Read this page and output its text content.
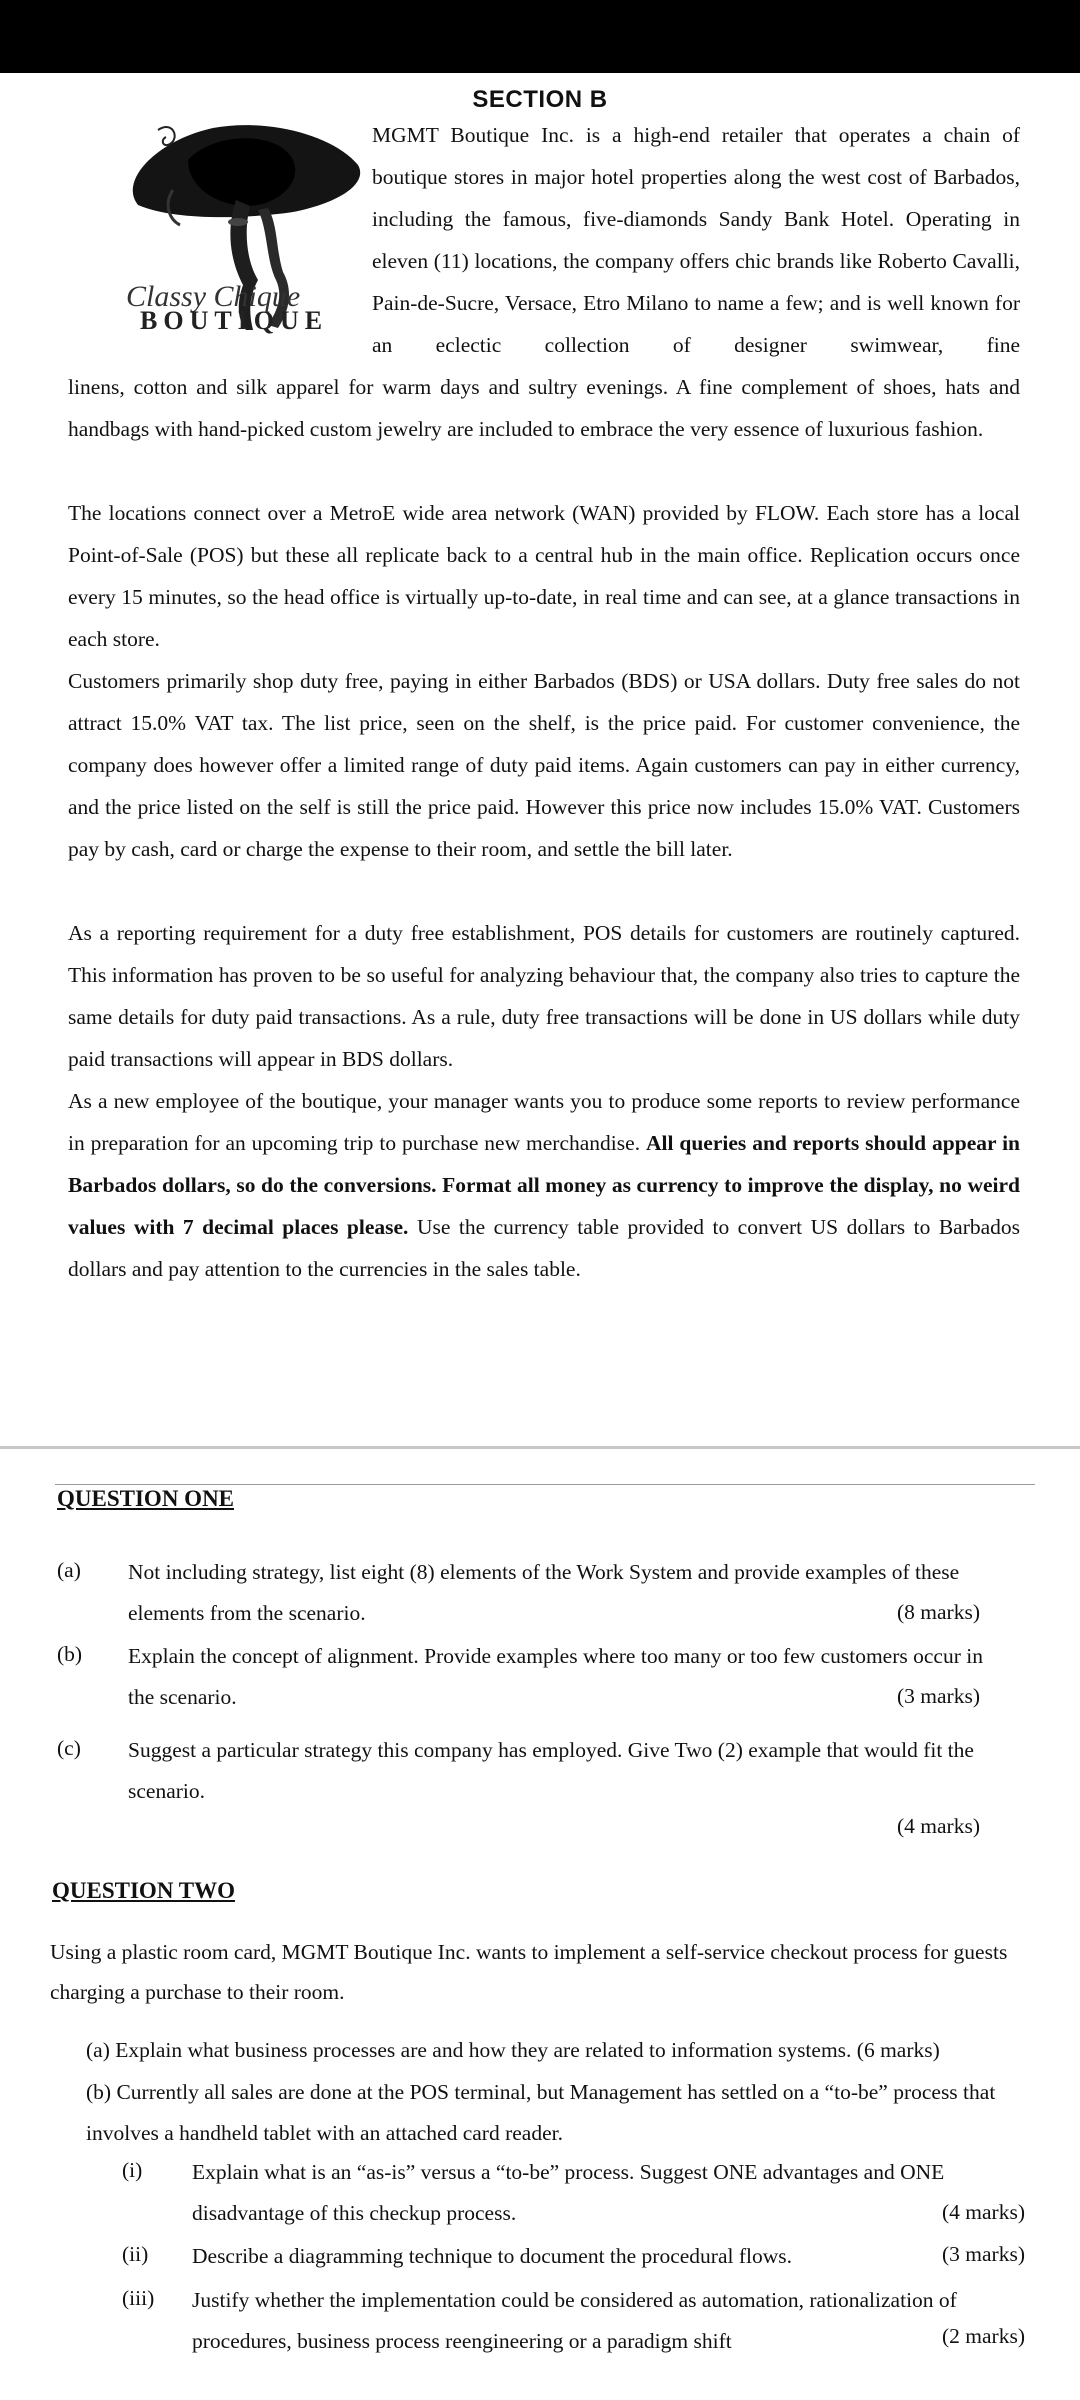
SECTION B
Classy Chique
BOUTIQUE

MGMT Boutique Inc. is a high-end retailer that operates a chain of boutique stores in major hotel properties along the west cost of Barbados, including the famous, five-diamonds Sandy Bank Hotel. Operating in eleven (11) locations, the company offers chic brands like Roberto Cavalli, Pain-de-Sucre, Versace, Etro Milano to name a few; and is well known for an eclectic collection of designer swimwear, fine

linens, cotton and silk apparel for warm days and sultry evenings. A fine complement of shoes, hats and handbags with hand-picked custom jewelry are included to embrace the very essence of luxurious fashion.

The locations connect over a MetroE wide area network (WAN) provided by FLOW. Each store has a local Point-of-Sale (POS) but these all replicate back to a central hub in the main office. Replication occurs once every 15 minutes, so the head office is virtually up-to-date, in real time and can see, at a glance transactions in each store.

Customers primarily shop duty free, paying in either Barbados (BDS) or USA dollars. Duty free sales do not attract 15.0% VAT tax. The list price, seen on the shelf, is the price paid. For customer convenience, the company does however offer a limited range of duty paid items. Again customers can pay in either currency, and the price listed on the self is still the price paid. However this price now includes 15.0% VAT. Customers pay by cash, card or charge the expense to their room, and settle the bill later.

As a reporting requirement for a duty free establishment, POS details for customers are routinely captured. This information has proven to be so useful for analyzing behaviour that, the company also tries to capture the same details for duty paid transactions. As a rule, duty free transactions will be done in US dollars while duty paid transactions will appear in BDS dollars.

As a new employee of the boutique, your manager wants you to produce some reports to review performance in preparation for an upcoming trip to purchase new merchandise. All queries and reports should appear in Barbados dollars, so do the conversions. Format all money as currency to improve the display, no weird values with 7 decimal places please. Use the currency table provided to convert US dollars to Barbados dollars and pay attention to the currencies in the sales table.

QUESTION ONE
(a) Not including strategy, list eight (8) elements of the Work System and provide examples of these elements from the scenario.	(8 marks)
(b) Explain the concept of alignment. Provide examples where too many or too few customers occur in the scenario.	(3 marks)
(c) Suggest a particular strategy this company has employed. Give Two (2) example that would fit the scenario.
(4 marks)
QUESTION TWO
Using a plastic room card, MGMT Boutique Inc. wants to implement a self-service checkout process for guests charging a purchase to their room.
(a) Explain what business processes are and how they are related to information systems. (6 marks)
(b) Currently all sales are done at the POS terminal, but Management has settled on a “to-be” process that involves a handheld tablet with an attached card reader.
(i) Explain what is an “as-is” versus a “to-be” process. Suggest ONE advantages and ONE disadvantage of this checkup process.	(4 marks)
(ii) Describe a diagramming technique to document the procedural flows.	(3 marks)
(iii) Justify whether the implementation could be considered as automation, rationalization of procedures, business process reengineering or a paradigm shift	(2 marks)
